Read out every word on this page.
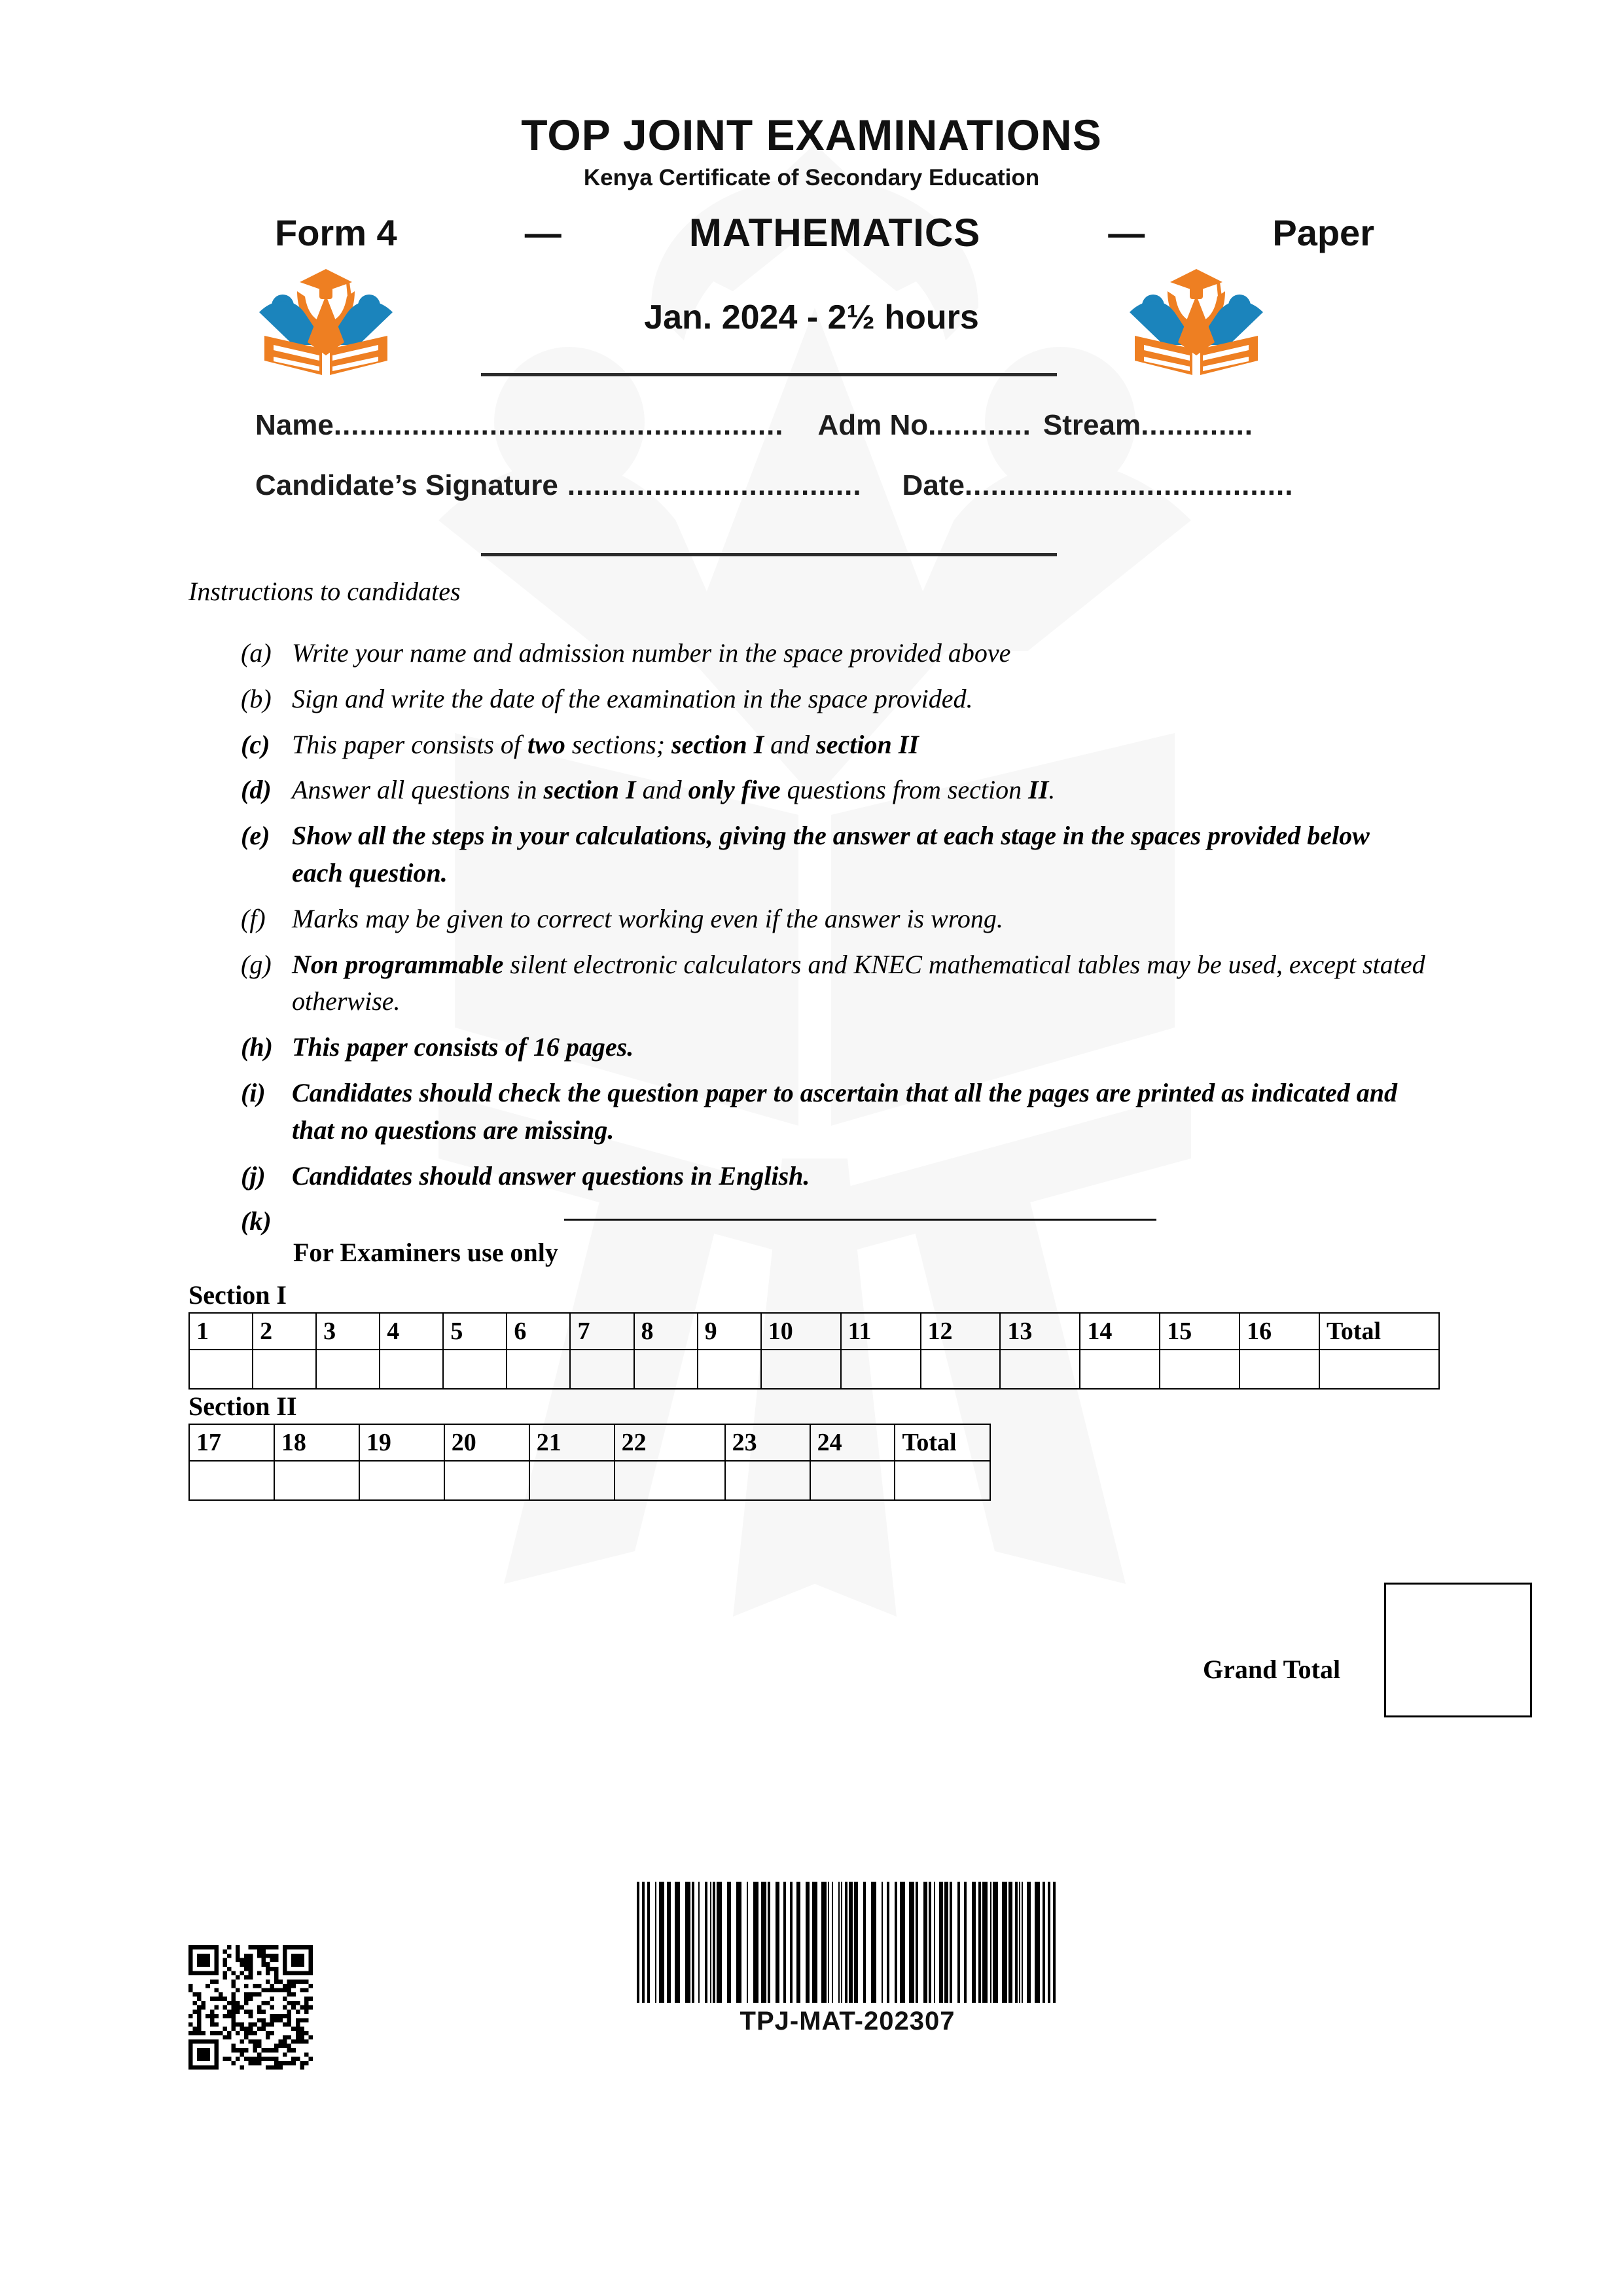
TOP JOINT EXAMINATIONS
Kenya Certificate of Secondary Education
Form 4	—	MATHEMATICS	—	Paper
Jan. 2024 - 2½ hours
Name .................................................... Adm No. ........... Stream .............
Candidate’s Signature .................................. Date ......................................
Instructions to candidates
(a) Write your name and admission number in the space provided above
(b) Sign and write the date of the examination in the space provided.
(c) This paper consists of two sections; section I and section II
(d) Answer all questions in section I and only five questions from section II.
(e) Show all the steps in your calculations, giving the answer at each stage in the spaces provided below each question.
(f)	Marks may be given to correct working even if the answer is wrong.
(g) Non programmable silent electronic calculators and KNEC mathematical tables may be used, except stated otherwise.
(h) This paper consists of 16 pages.
(i)	Candidates should check the question paper to ascertain that all the pages are printed as indicated and that no questions are missing.
(j)	Candidates should answer questions in English.
(k)
For Examiners use only
Section I
1	2	3	4	5	6	7	8	9	10	11	12	13	14	15	16	Total

Section II
17	18	19	20	21	22	23	24	Total

Grand Total
TPJ-MAT-202307
